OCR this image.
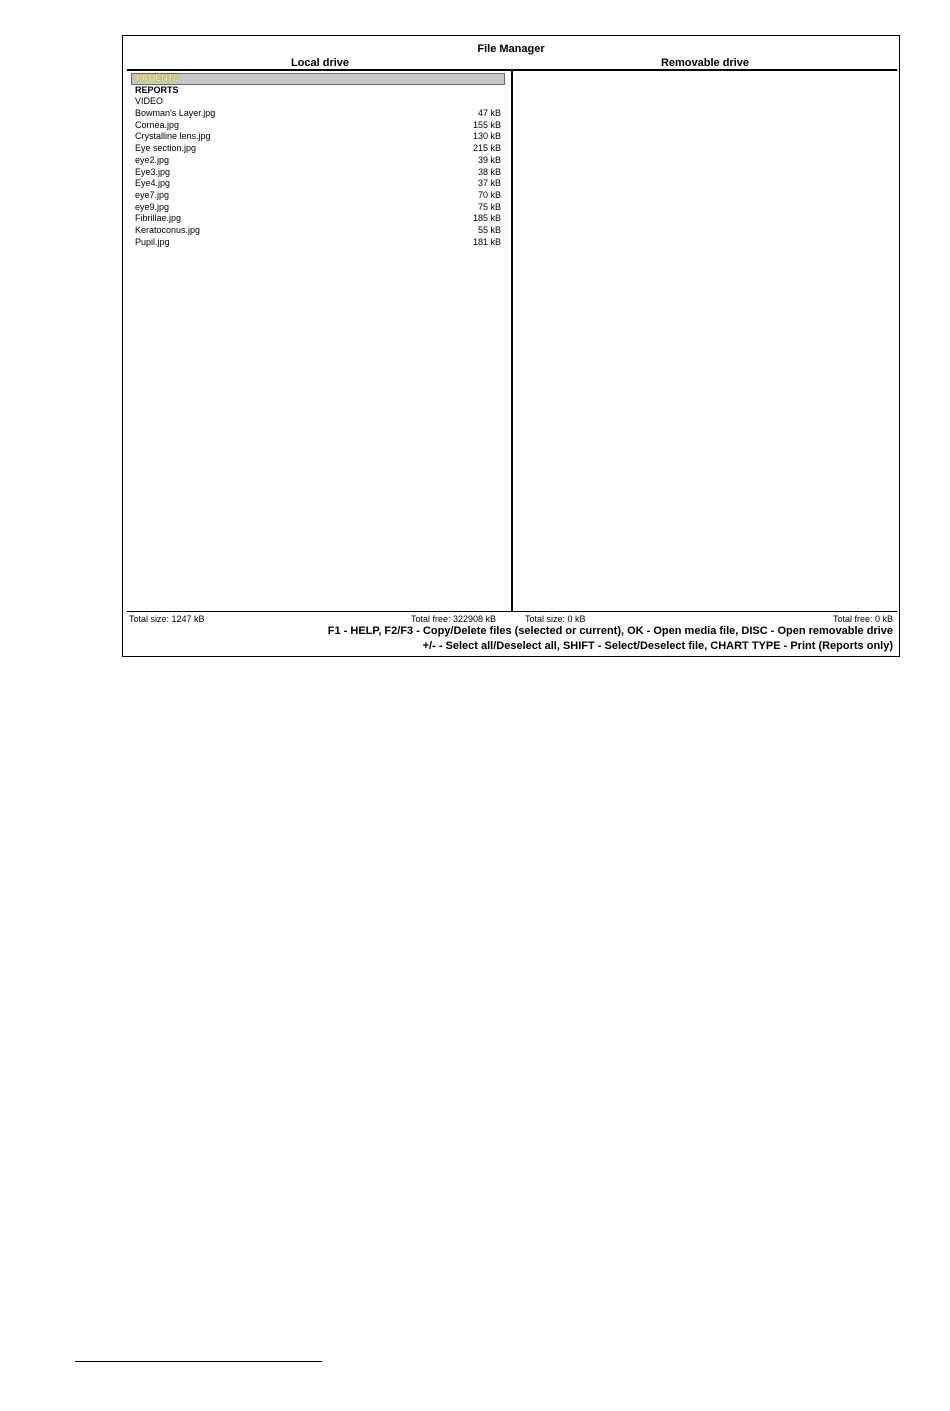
File Manager
Local drive	Removable drive
PATIENTS
REPORTS
VIDEO
Bowman's Layer.jpg	47 kB
Cornea.jpg	155 kB
Crystalline lens.jpg	130 kB
Eye section.jpg	215 kB
eye2.jpg	39 kB
Eye3.jpg	38 kB
Eye4.jpg	37 kB
eye7.jpg	70 kB
eye9.jpg	75 kB
Fibrillae.jpg	185 kB
Keratoconus.jpg	55 kB
Pupil.jpg	181 kB
Total size: 1247 kB	Total free: 322908 kB	Total size: 0 kB	Total free: 0 kB
F1 - HELP, F2/F3 - Copy/Delete files (selected or current), OK - Open media file, DISC - Open removable drive
+/- - Select all/Deselect all, SHIFT - Select/Deselect file, CHART TYPE - Print (Reports only)
